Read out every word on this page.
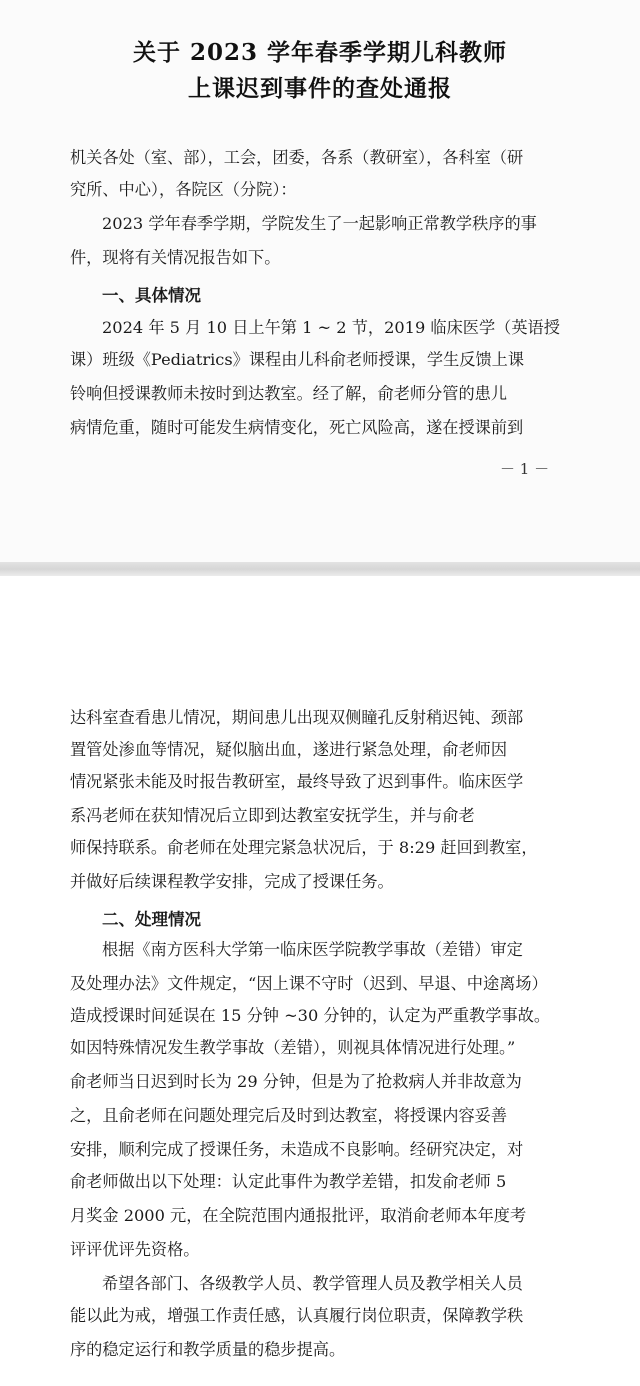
关于 2023 学年春季学期儿科教师
上课迟到事件的查处通报
机关各处（室、部），工会，团委，各系（教研室），各科室（研
究所、中心），各院区（分院）：
2023 学年春季学期，学院发生了一起影响正常教学秩序的事
件，现将有关情况报告如下。
一、具体情况
2024 年 5 月 10 日上午第 1 ~ 2 节，2019 临床医学（英语授
课）班级《Pediatrics》课程由儿科俞老师授课，学生反馈上课
铃响但授课教师未按时到达教室。经了解，俞老师分管的患儿
病情危重，随时可能发生病情变化，死亡风险高，遂在授课前到
－ 1 －
达科室查看患儿情况，期间患儿出现双侧瞳孔反射稍迟钝、颈部
置管处渗血等情况，疑似脑出血，遂进行紧急处理，俞老师因
情况紧张未能及时报告教研室，最终导致了迟到事件。临床医学
系冯老师在获知情况后立即到达教室安抚学生，并与俞老
师保持联系。俞老师在处理完紧急状况后，于 8:29 赶回到教室，
并做好后续课程教学安排，完成了授课任务。
二、处理情况
根据《南方医科大学第一临床医学院教学事故（差错）审定
及处理办法》文件规定，“因上课不守时（迟到、早退、中途离场）
造成授课时间延误在 15 分钟 ~30 分钟的，认定为严重教学事故。
如因特殊情况发生教学事故（差错），则视具体情况进行处理。”
俞老师当日迟到时长为 29 分钟，但是为了抢救病人并非故意为
之，且俞老师在问题处理完后及时到达教室，将授课内容妥善
安排，顺利完成了授课任务，未造成不良影响。经研究决定，对
俞老师做出以下处理：认定此事件为教学差错，扣发俞老师 5
月奖金 2000 元，在全院范围内通报批评，取消俞老师本年度考
评评优评先资格。
希望各部门、各级教学人员、教学管理人员及教学相关人员
能以此为戒，增强工作责任感，认真履行岗位职责，保障教学秩
序的稳定运行和教学质量的稳步提高。
